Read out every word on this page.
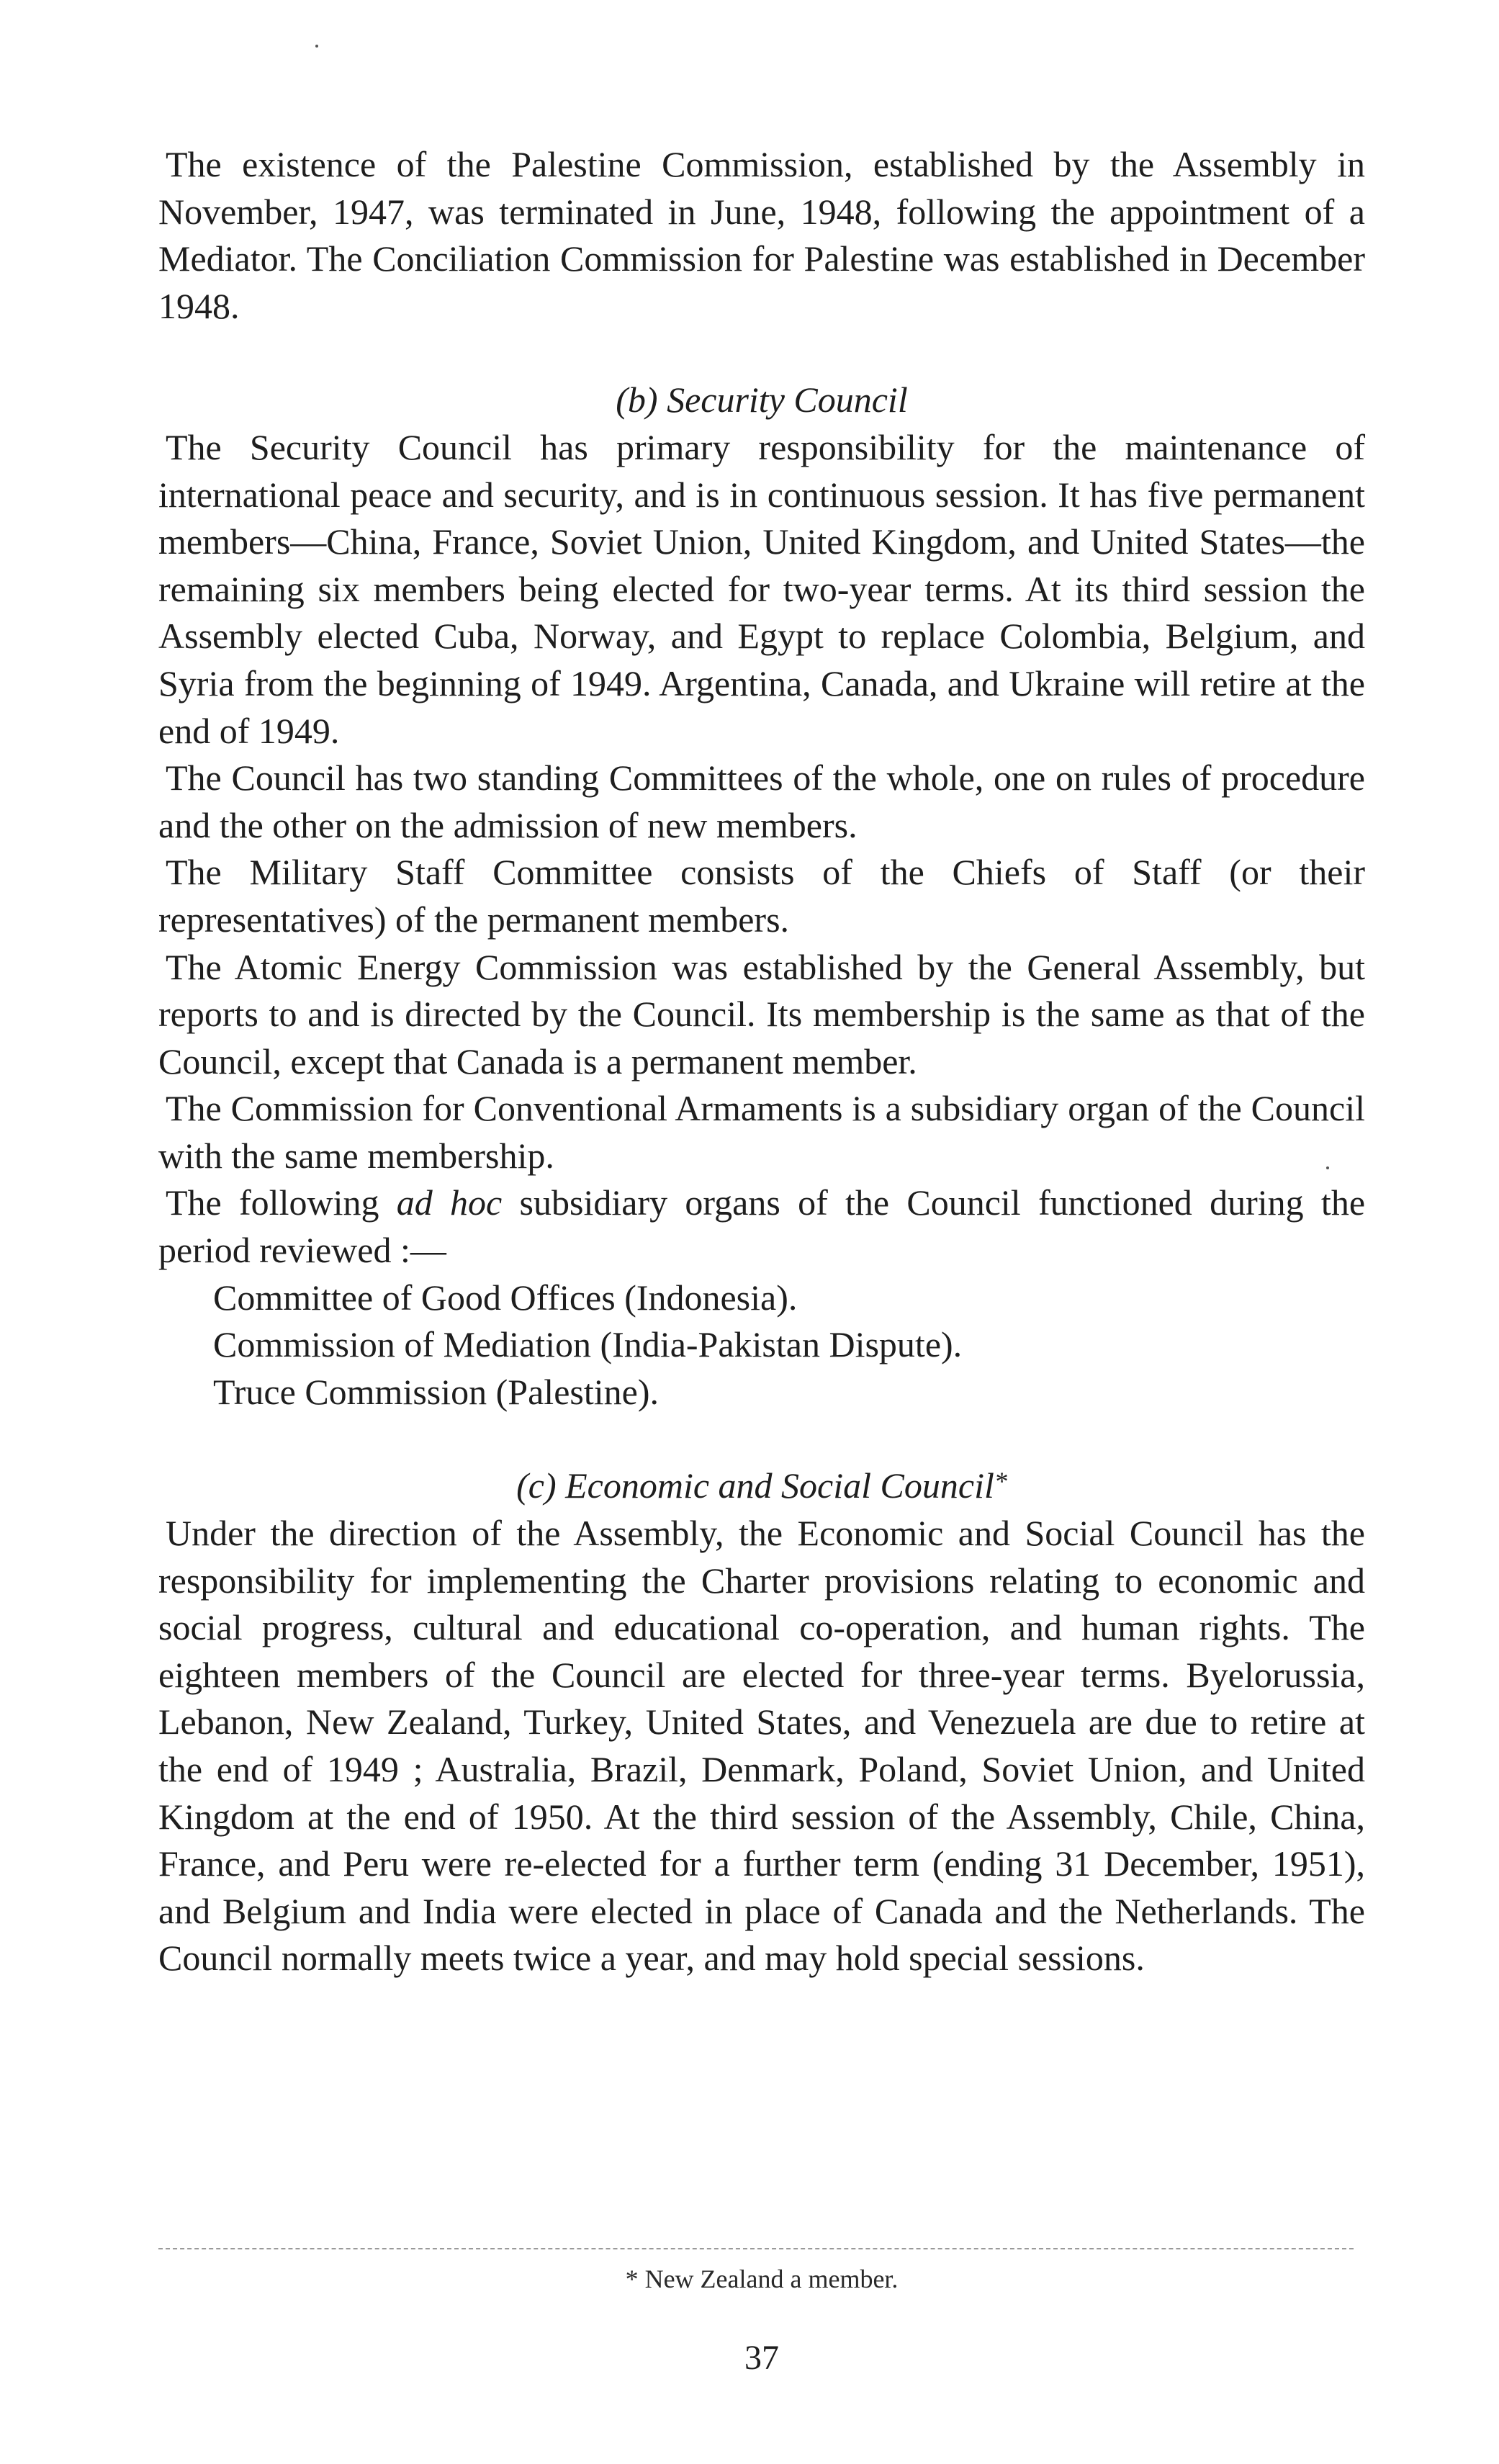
The existence of the Palestine Commission, established by the Assembly in November, 1947, was terminated in June, 1948, following the appointment of a Mediator. The Conciliation Commission for Palestine was established in December 1948.

(b) Security Council

The Security Council has primary responsibility for the maintenance of international peace and security, and is in continuous session. It has five permanent members—China, France, Soviet Union, United Kingdom, and United States—the remaining six members being elected for two-year terms. At its third session the Assembly elected Cuba, Norway, and Egypt to replace Colombia, Belgium, and Syria from the beginning of 1949. Argentina, Canada, and Ukraine will retire at the end of 1949.

The Council has two standing Committees of the whole, one on rules of procedure and the other on the admission of new members.

The Military Staff Committee consists of the Chiefs of Staff (or their representatives) of the permanent members.

The Atomic Energy Commission was established by the General Assembly, but reports to and is directed by the Council. Its membership is the same as that of the Council, except that Canada is a permanent member.

The Commission for Conventional Armaments is a subsidiary organ of the Council with the same membership.

The following ad hoc subsidiary organs of the Council functioned during the period reviewed :—

Committee of Good Offices (Indonesia).

Commission of Mediation (India-Pakistan Dispute).

Truce Commission (Palestine).

(c) Economic and Social Council*

Under the direction of the Assembly, the Economic and Social Council has the responsibility for implementing the Charter provisions relating to economic and social progress, cultural and educational co-operation, and human rights. The eighteen members of the Council are elected for three-year terms. Byelorussia, Lebanon, New Zealand, Turkey, United States, and Venezuela are due to retire at the end of 1949 ; Australia, Brazil, Denmark, Poland, Soviet Union, and United Kingdom at the end of 1950. At the third session of the Assembly, Chile, China, France, and Peru were re-elected for a further term (ending 31 December, 1951), and Belgium and India were elected in place of Canada and the Netherlands. The Council normally meets twice a year, and may hold special sessions.

* New Zealand a member.
37
